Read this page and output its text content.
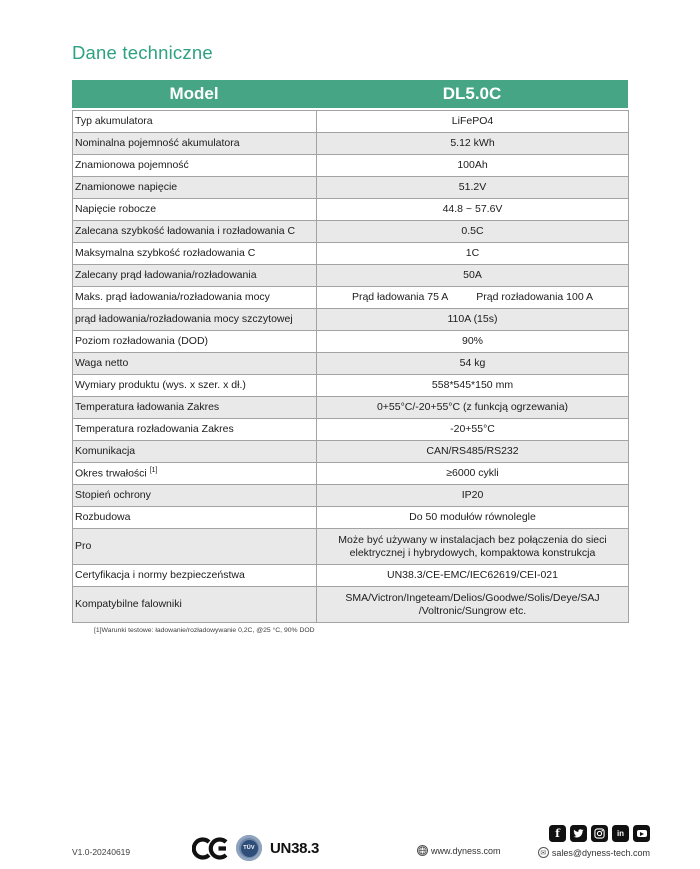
Dane techniczne
Model	DL5.0C
Typ akumulatora	LiFePO4
Nominalna pojemność akumulatora	5.12 kWh
Znamionowa pojemność	100Ah
Znamionowe napięcie	51.2V
Napięcie robocze	44.8 ~ 57.6V
Zalecana szybkość ładowania i rozładowania C	0.5C
Maksymalna szybkość rozładowania C	1C
Zalecany prąd ładowania/rozładowania	50A
Maks. prąd ładowania/rozładowania mocy	Prąd ładowania 75 A Prąd rozładowania 100 A
prąd ładowania/rozładowania mocy szczytowej	110A (15s)
Poziom rozładowania (DOD)	90%
Waga netto	54 kg
Wymiary produktu (wys. x szer. x dł.)	558*545*150 mm
Temperatura ładowania Zakres	0+55°C/-20+55°C (z funkcją ogrzewania)
Temperatura rozładowania Zakres	-20+55°C
Komunikacja	CAN/RS485/RS232
Okres trwałości [1]	≥6000 cykli
Stopień ochrony	IP20
Rozbudowa	Do 50 modułów równolegle
Pro	Może być używany w instalacjach bez połączenia do sieci
elektrycznej i hybrydowych, kompaktowa konstrukcja

Certyfikacja i normy bezpieczeństwa	UN38.3/CE-EMC/IEC62619/CEI-021
Kompatybilne falowniki	SMA/Victron/Ingeteam/Delios/Goodwe/Solis/Deye/SAJ
/Voltronic/Sungrow etc.
[1]Warunki testowe: ładowanie/rozładowywanie 0,2C, @25 °C, 90% DOD
V1.0-20240619	TÜV UN38.3	www.dyness.com
f	in
✉ sales@dyness-tech.com
